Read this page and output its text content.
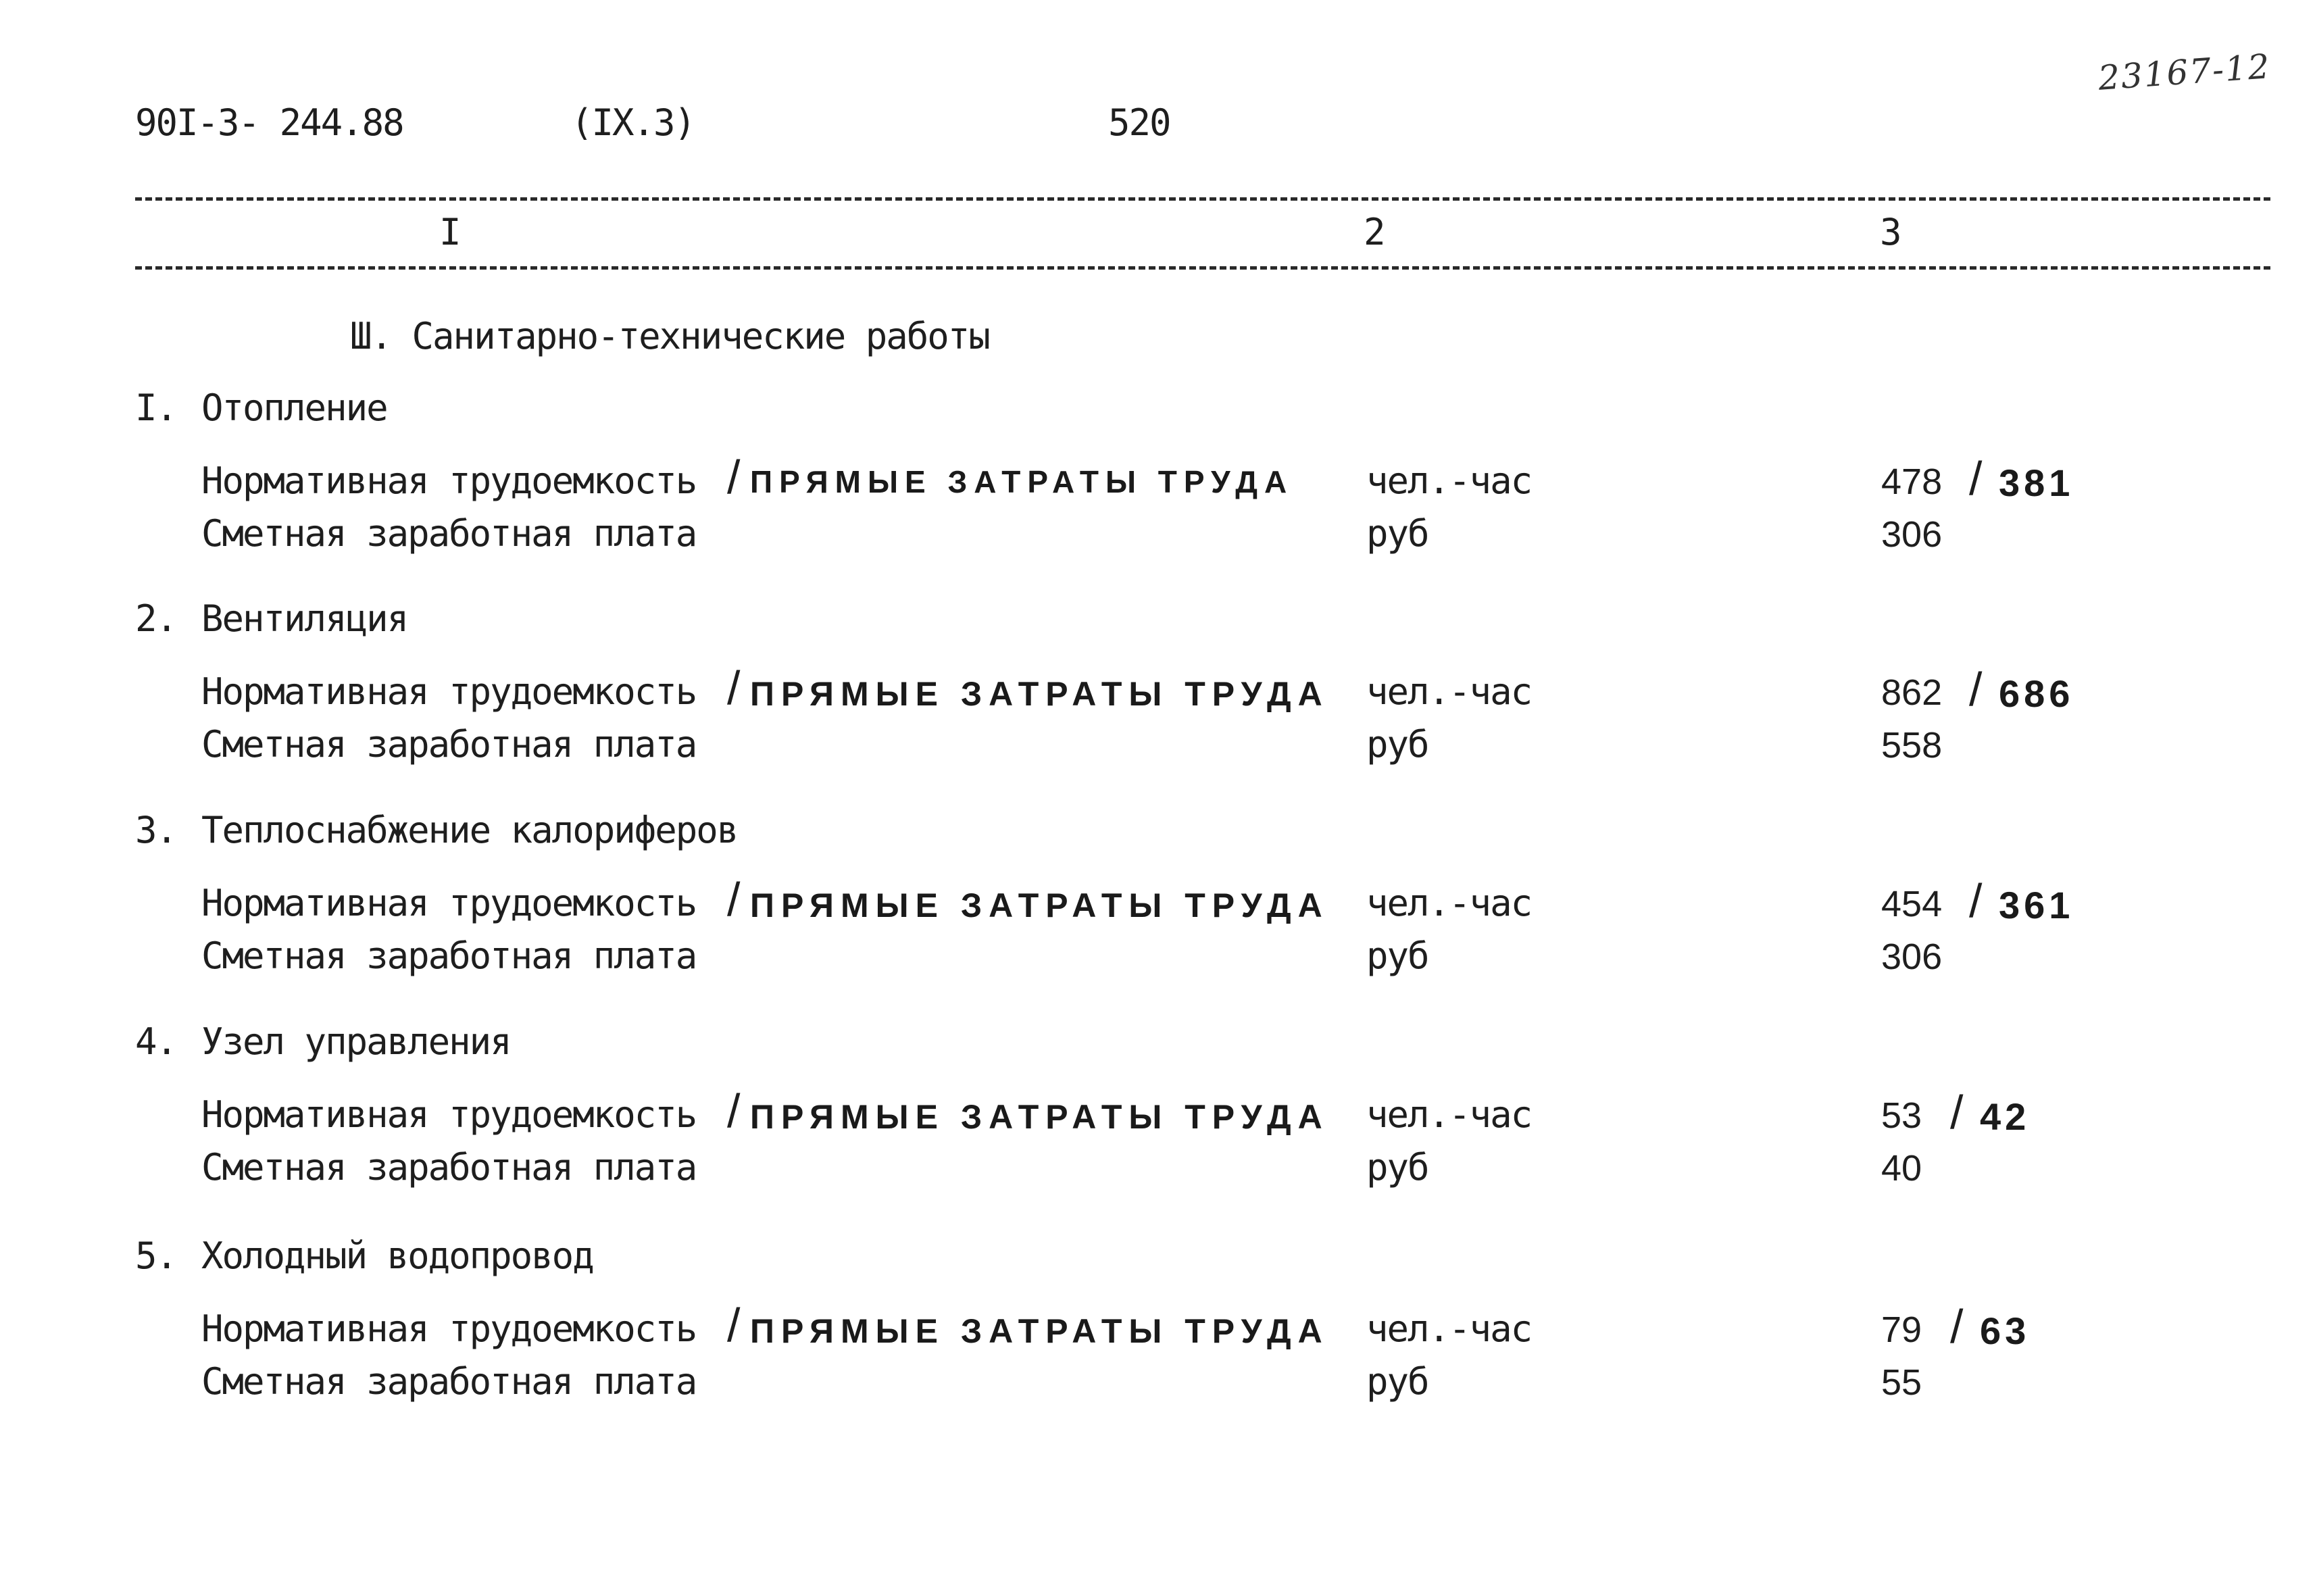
90I-3- 244.88	(IX.3)	520
23167-12
I	2	3
Ш. Санитарно-технические работы
I. Отопление
Нормативная трудоемкость / ПРЯМЫЕ ЗАТРАТЫ ТРУДА чел.-час	478 / 381
Сметная заработная плата	руб	306
2. Вентиляция
Нормативная трудоемкость / ПРЯМЫЕ ЗАТРАТЫ ТРУДА чел.-час	862 / 686
Сметная заработная плата	руб	558
3. Теплоснабжение калориферов
Нормативная трудоемкость / ПРЯМЫЕ ЗАТРАТЫ ТРУДА чел.-час	454 / 361
Сметная заработная плата	руб	306
4. Узел управления
Нормативная трудоемкость / ПРЯМЫЕ ЗАТРАТЫ ТРУДА чел.-час	53 / 42
Сметная заработная плата	руб	40
5. Холодный водопровод
Нормативная трудоемкость / ПРЯМЫЕ ЗАТРАТЫ ТРУДА чел.-час	79 / 63
Сметная заработная плата	руб	55
